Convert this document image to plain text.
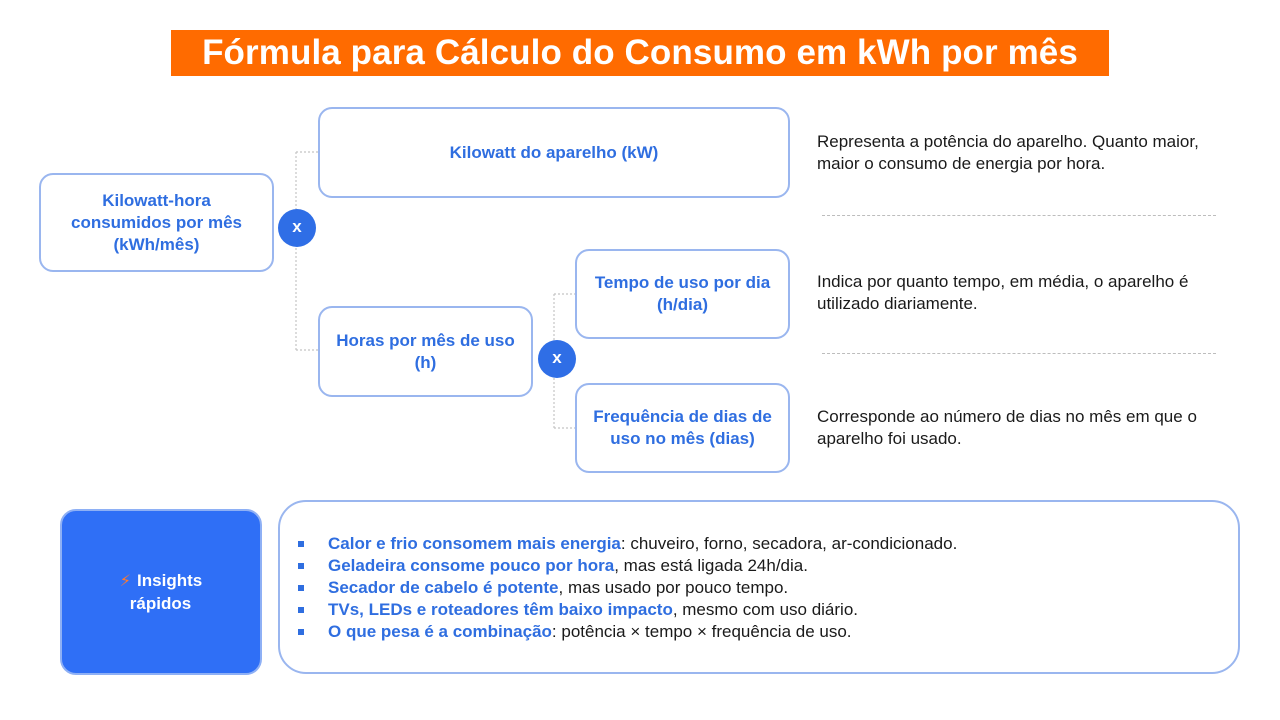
Fórmula para Cálculo do Consumo em kWh por mês
Kilowatt-hora consumidos por mês (kWh/mês)
x
Kilowatt do aparelho (kW)
Horas por mês de uso (h)	x
Tempo de uso por dia (h/dia)
Frequência de dias de uso no mês (dias)
Representa a potência do aparelho. Quanto maior, maior o consumo de energia por hora.
Indica por quanto tempo, em média, o aparelho é utilizado diariamente.
Corresponde ao número de dias no mês em que o aparelho foi usado.
⚡ Insights
rápidos
Calor e frio consomem mais energia: chuveiro, forno, secadora, ar-condicionado.
Geladeira consome pouco por hora, mas está ligada 24h/dia.
Secador de cabelo é potente, mas usado por pouco tempo.
TVs, LEDs e roteadores têm baixo impacto, mesmo com uso diário.
O que pesa é a combinação: potência × tempo × frequência de uso.
